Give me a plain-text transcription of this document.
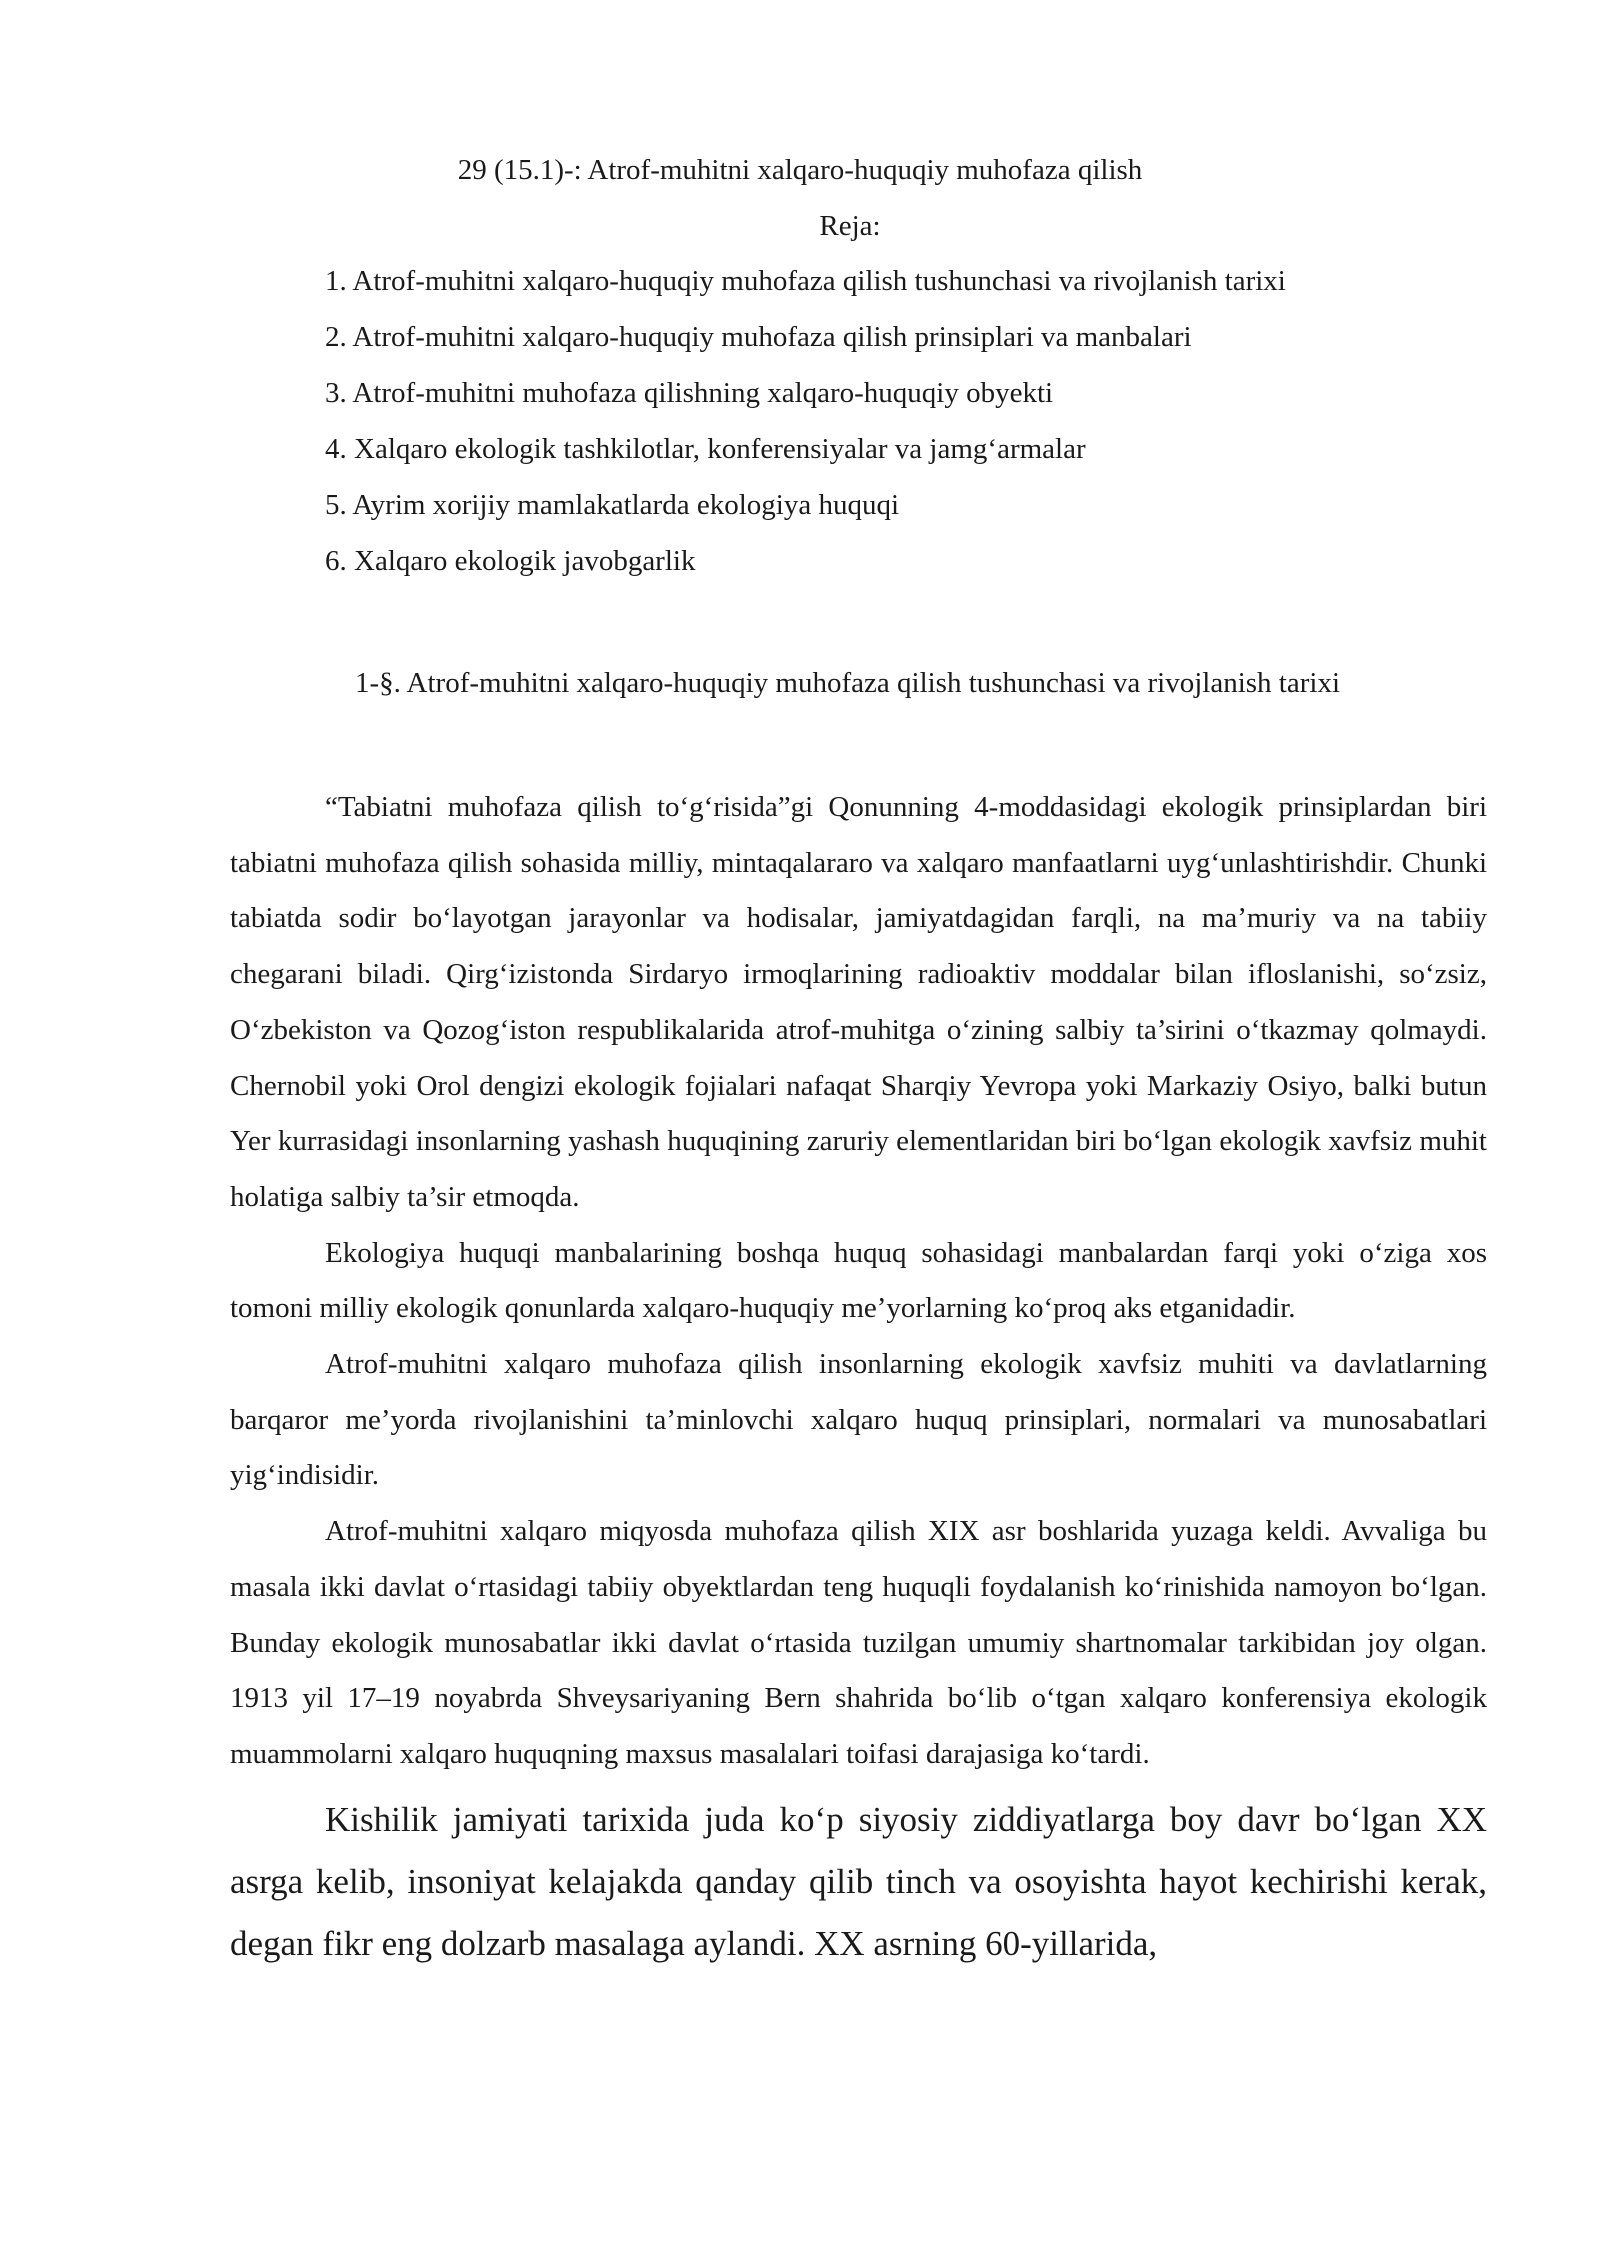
29 (15.1)-: Atrof-muhitni xalqaro-huquqiy muhofaza qilish
Reja:
1. Atrof-muhitni xalqaro-huquqiy muhofaza qilish tushunchasi va rivojlanish tarixi
2. Atrof-muhitni xalqaro-huquqiy muhofaza qilish prinsiplari va manbalari
3. Atrof-muhitni muhofaza qilishning xalqaro-huquqiy obyekti
4. Xalqaro ekologik tashkilotlar, konferensiyalar va jamg‘armalar
5. Ayrim xorijiy mamlakatlarda ekologiya huquqi
6. Xalqaro ekologik javobgarlik
1-§. Atrof-muhitni xalqaro-huquqiy muhofaza qilish tushunchasi va rivojlanish tarixi

“Tabiatni muhofaza qilish to‘g‘risida”gi Qonunning 4-moddasidagi ekologik prinsiplardan biri tabiatni muhofaza qilish sohasida milliy, mintaqalararo va xalqaro manfaatlarni uyg‘unlashtirishdir. Chunki tabiatda sodir bo‘layotgan jarayonlar va hodisalar, jamiyatdagidan farqli, na ma’muriy va na tabiiy chegarani biladi. Qirg‘izistonda Sirdaryo irmoqlarining radioaktiv moddalar bilan ifloslanishi, so‘zsiz, O‘zbekiston va Qozog‘iston respublikalarida atrof-muhitga o‘zining salbiy ta’sirini o‘tkazmay qolmaydi. Chernobil yoki Orol dengizi ekologik fojialari nafaqat Sharqiy Yevropa yoki Markaziy Osiyo, balki butun Yer kurrasidagi insonlarning yashash huquqining zaruriy elementlaridan biri bo‘lgan ekologik xavfsiz muhit holatiga salbiy ta’sir etmoqda.

Ekologiya huquqi manbalarining boshqa huquq sohasidagi manbalardan farqi yoki o‘ziga xos tomoni milliy ekologik qonunlarda xalqaro-huquqiy me’yorlarning ko‘proq aks etganidadir.

Atrof-muhitni xalqaro muhofaza qilish insonlarning ekologik xavfsiz muhiti va davlatlarning barqaror me’yorda rivojlanishini ta’minlovchi xalqaro huquq prinsiplari, normalari va munosabatlari yig‘indisidir.

Atrof-muhitni xalqaro miqyosda muhofaza qilish XIX asr boshlarida yuzaga keldi. Avvaliga bu masala ikki davlat o‘rtasidagi tabiiy obyektlardan teng huquqli foydalanish ko‘rinishida namoyon bo‘lgan. Bunday ekologik munosabatlar ikki davlat o‘rtasida tuzilgan umumiy shartnomalar tarkibidan joy olgan. 1913 yil 17–19 noyabrda Shveysariyaning Bern shahrida bo‘lib o‘tgan xalqaro konferensiya ekologik muammolarni xalqaro huquqning maxsus masalalari toifasi darajasiga ko‘tardi.

Kishilik jamiyati tarixida juda ko‘p siyosiy ziddiyatlarga boy davr bo‘lgan XX asrga kelib, insoniyat kelajakda qanday qilib tinch va osoyishta hayot kechirishi kerak, degan fikr eng dolzarb masalaga aylandi. XX asrning 60-yillarida,
